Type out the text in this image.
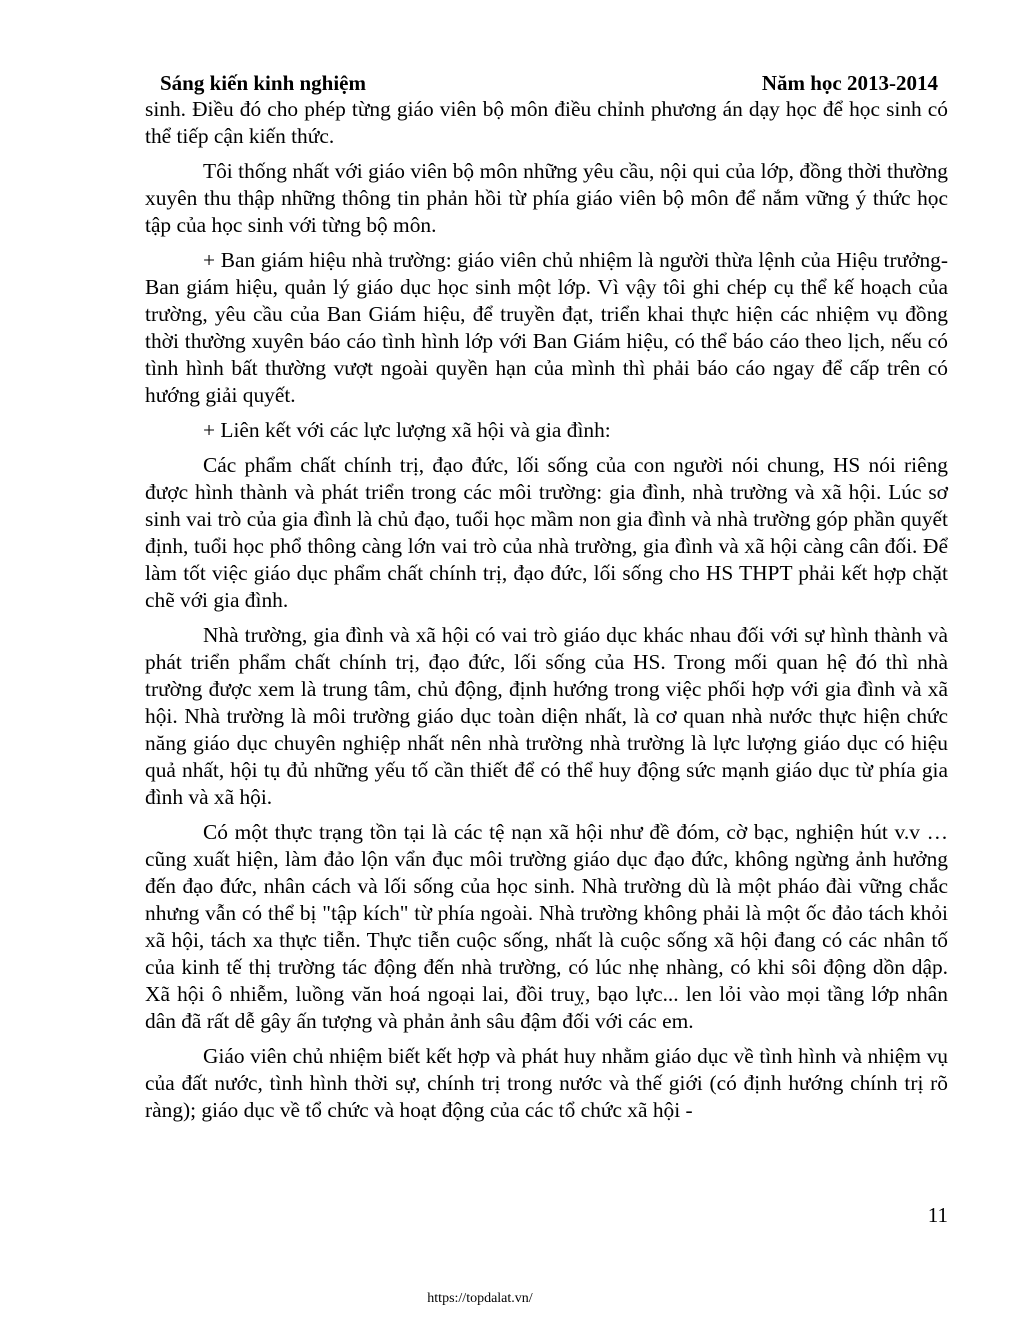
Sáng kiến kinh nghiệm	Năm học 2013-2014

sinh. Điều đó cho phép từng giáo viên bộ môn điều chỉnh phương án dạy học để học sinh có thể tiếp cận kiến thức.

Tôi thống nhất với giáo viên bộ môn những yêu cầu, nội qui của lớp, đồng thời thường xuyên thu thập những thông tin phản hồi từ phía giáo viên bộ môn để nắm vững ý thức học tập của học sinh với từng bộ môn.

+ Ban giám hiệu nhà trường: giáo viên chủ nhiệm là người thừa lệnh của Hiệu trưởng- Ban giám hiệu, quản lý giáo dục học sinh một lớp. Vì vậy tôi ghi chép cụ thể kế hoạch của trường, yêu cầu của Ban Giám hiệu, để truyền đạt, triển khai thực hiện các nhiệm vụ đồng thời thường xuyên báo cáo tình hình lớp với Ban Giám hiệu, có thể báo cáo theo lịch, nếu có tình hình bất thường vượt ngoài quyền hạn của mình thì phải báo cáo ngay để cấp trên có hướng giải quyết.

+ Liên kết với các lực lượng xã hội và gia đình:

Các phẩm chất chính trị, đạo đức, lối sống của con người nói chung, HS nói riêng được hình thành và phát triển trong các môi trường: gia đình, nhà trường và xã hội. Lúc sơ sinh vai trò của gia đình là chủ đạo, tuổi học mầm non gia đình và nhà trường góp phần quyết định, tuổi học phổ thông càng lớn vai trò của nhà trường, gia đình và xã hội càng cân đối. Để làm tốt việc giáo dục phẩm chất chính trị, đạo đức, lối sống cho HS THPT phải kết hợp chặt chẽ với gia đình.

Nhà trường, gia đình và xã hội có vai trò giáo dục khác nhau đối với sự hình thành và phát triển phẩm chất chính trị, đạo đức, lối sống của HS. Trong mối quan hệ đó thì nhà trường được xem là trung tâm, chủ động, định hướng trong việc phối hợp với gia đình và xã hội. Nhà trường là môi trường giáo dục toàn diện nhất, là cơ quan nhà nước thực hiện chức năng giáo dục chuyên nghiệp nhất nên nhà trường nhà trường là lực lượng giáo dục có hiệu quả nhất, hội tụ đủ những yếu tố cần thiết để có thể huy động sức mạnh giáo dục từ phía gia đình và xã hội.

Có một thực trạng tồn tại là các tệ nạn xã hội như đề đóm, cờ bạc, nghiện hút v.v … cũng xuất hiện, làm đảo lộn vẩn đục môi trường giáo dục đạo đức, không ngừng ảnh hưởng đến đạo đức, nhân cách và lối sống của học sinh. Nhà trường dù là một pháo đài vững chắc nhưng vẫn có thể bị "tập kích" từ phía ngoài. Nhà trường không phải là một ốc đảo tách khỏi xã hội, tách xa thực tiễn. Thực tiễn cuộc sống, nhất là cuộc sống xã hội đang có các nhân tố của kinh tế thị trường tác động đến nhà trường, có lúc nhẹ nhàng, có khi sôi động dồn dập. Xã hội ô nhiễm, luồng văn hoá ngoại lai, đồi truỵ, bạo lực... len lỏi vào mọi tầng lớp nhân dân đã rất dễ gây ấn tượng và phản ảnh sâu đậm đối với các em.

Giáo viên chủ nhiệm biết kết hợp và phát huy nhằm giáo dục về tình hình và nhiệm vụ của đất nước, tình hình thời sự, chính trị trong nước và thế giới (có định hướng chính trị rõ ràng); giáo dục về tổ chức và hoạt động của các tổ chức xã hội -

11
https://topdalat.vn/
